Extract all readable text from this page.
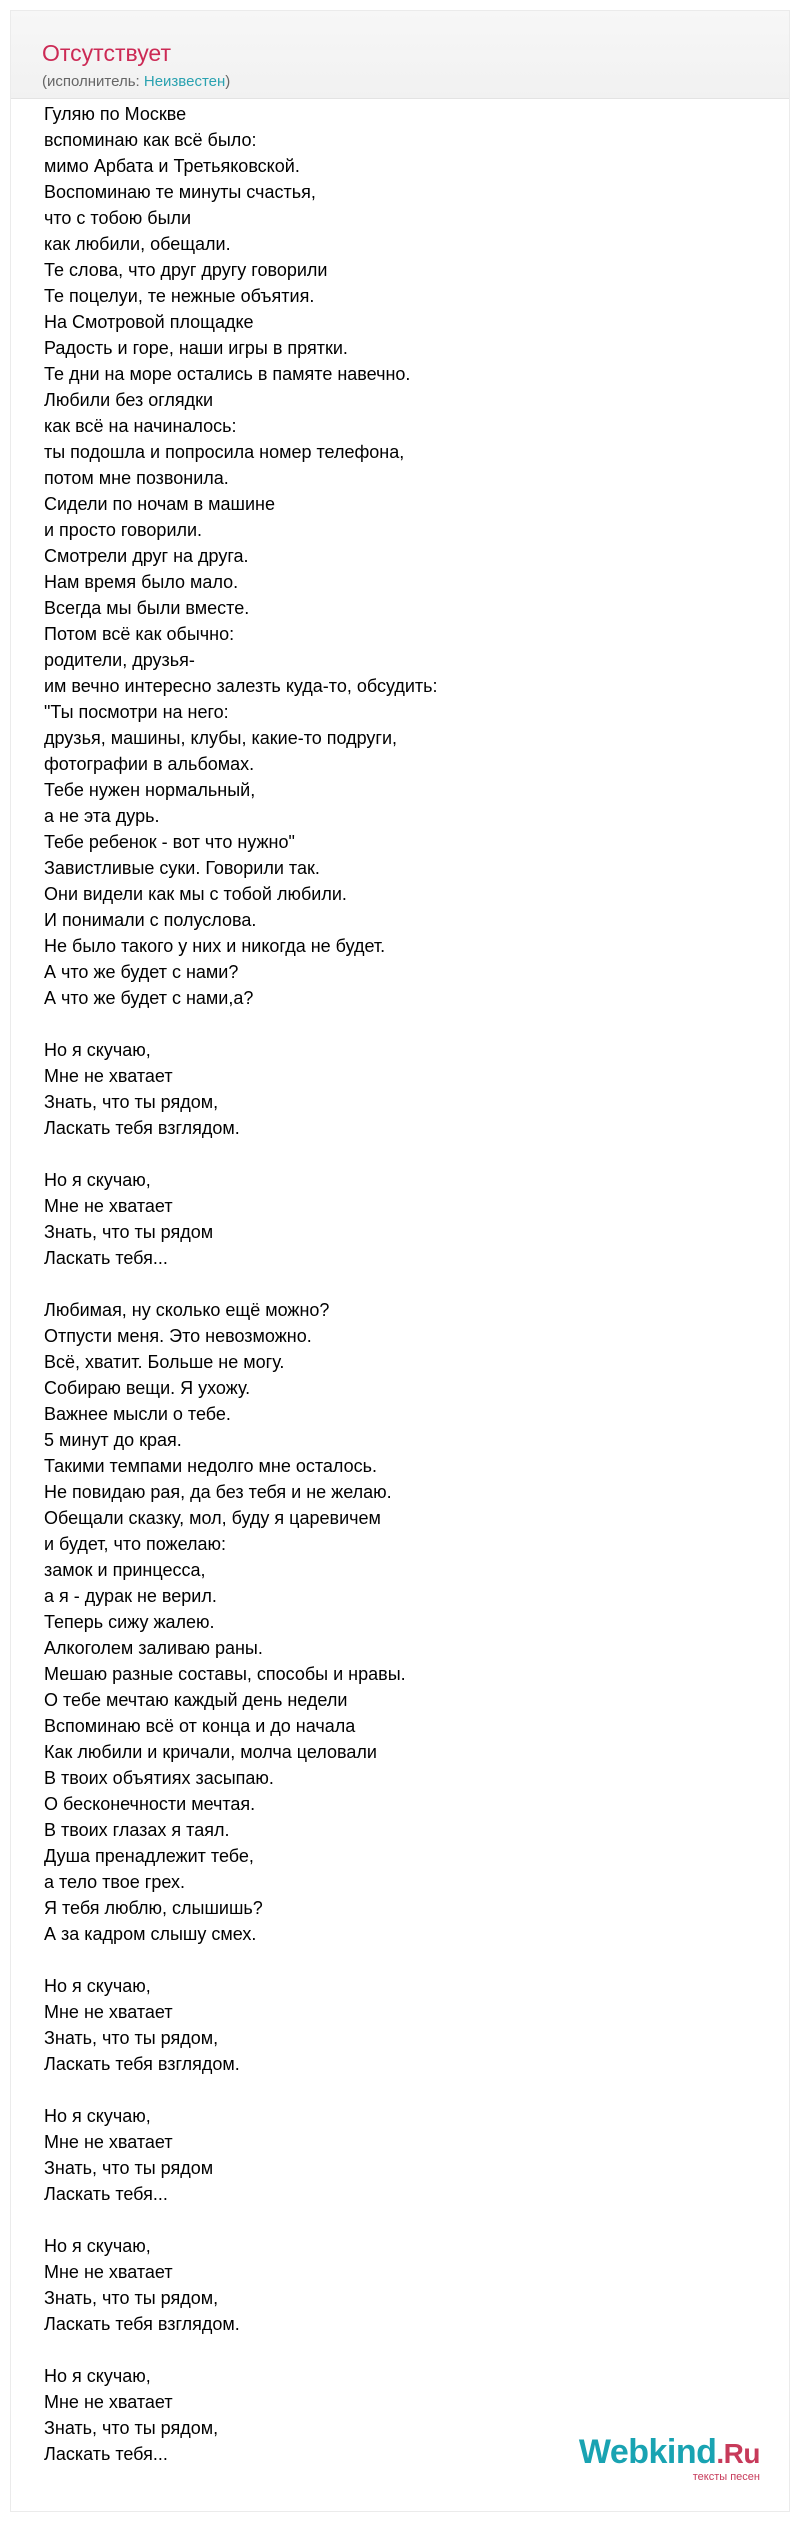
Отсутствует
(исполнитель: Неизвестен)
Гуляю по Москве
вспоминаю как всё было:
мимо Арбата и Третьяковской.
Воспоминаю те минуты счастья,
что с тобою были
как любили, обещали.
Те слова, что друг другу говорили
Те поцелуи, те нежные объятия.
На Смотровой площадке
Радость и горе, наши игры в прятки.
Те дни на море остались в памяте навечно.
Любили без оглядки
как всё на начиналось:
ты подошла и попросила номер телефона,
потом мне позвонила.
Сидели по ночам в машине
и просто говорили.
Смотрели друг на друга.
Нам время было мало.
Всегда мы были вместе.
Потом всё как обычно:
родители, друзья-
им вечно интересно залезть куда-то, обсудить:
"Ты посмотри на него:
друзья, машины, клубы, какие-то подруги,
фотографии в альбомах.
Тебе нужен нормальный,
а не эта дурь.
Тебе ребенок - вот что нужно"
Завистливые суки. Говорили так.
Они видели как мы с тобой любили.
И понимали с полуслова.
Не было такого у них и никогда не будет.
А что же будет с нами?
А что же будет с нами,а?
Но я скучаю,
Мне не хватает
Знать, что ты рядом,
Ласкать тебя взглядом.
Но я скучаю,
Мне не хватает
Знать, что ты рядом
Ласкать тебя...
Любимая, ну сколько ещё можно?
Отпусти меня. Это невозможно.
Всё, хватит. Больше не могу.
Собираю вещи. Я ухожу.
Важнее мысли о тебе.
5 минут до края.
Такими темпами недолго мне осталось.
Не повидаю рая, да без тебя и не желаю.
Обещали сказку, мол, буду я царевичем
и будет, что пожелаю:
замок и принцесса,
а я - дурак не верил.
Теперь сижу жалею.
Алкоголем заливаю раны.
Мешаю разные составы, способы и нравы.
О тебе мечтаю каждый день недели
Вспоминаю всё от конца и до начала
Как любили и кричали, молча целовали
В твоих объятиях засыпаю.
О бесконечности мечтая.
В твоих глазах я таял.
Душа пренадлежит тебе,
а тело твое грех.
Я тебя люблю, слышишь?
А за кадром слышу смех.
Но я скучаю,
Мне не хватает
Знать, что ты рядом,
Ласкать тебя взглядом.
Но я скучаю,
Мне не хватает
Знать, что ты рядом
Ласкать тебя...
Но я скучаю,
Мне не хватает
Знать, что ты рядом,
Ласкать тебя взглядом.
Но я скучаю,
Мне не хватает
Знать, что ты рядом,
Ласкать тебя...	Webkind.Ru
тексты песен
